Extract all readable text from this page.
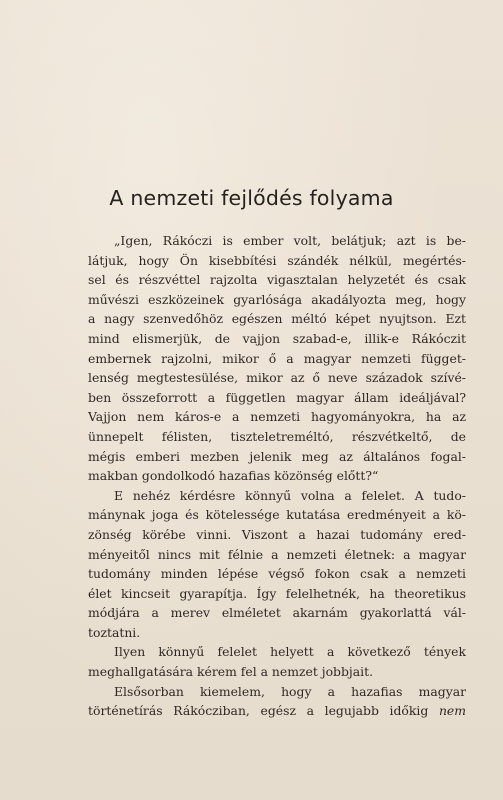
A nemzeti fejlődés folyama
„Igen, Rákóczi is ember volt, belátjuk; azt is be-
látjuk, hogy Ön kisebbítési szándék nélkül, megértés-
sel és részvéttel rajzolta vigasztalan helyzetét és csak
művészi eszközeinek gyarlósága akadályozta meg, hogy
a nagy szenvedőhöz egészen méltó képet nyujtson. Ezt
mind elismerjük, de vajjon szabad-e, illik-e Rákóczit
embernek rajzolni, mikor ő a magyar nemzeti függet-
lenség megtestesülése, mikor az ő neve századok szívé-
ben összeforrott a független magyar állam ideáljával?
Vajjon nem káros-e a nemzeti hagyományokra, ha az
ünnepelt félisten, tiszteletreméltó, részvétkeltő, de
mégis emberi mezben jelenik meg az általános fogal-
makban gondolkodó hazafias közönség előtt?“
E nehéz kérdésre könnyű volna a felelet. A tudo-
mánynak joga és kötelessége kutatása eredményeit a kö-
zönség körébe vinni. Viszont a hazai tudomány ered-
ményeitől nincs mit félnie a nemzeti életnek: a magyar
tudomány minden lépése végső fokon csak a nemzeti
élet kincseit gyarapítja. Így felelhetnék, ha theoretikus
módjára a merev elméletet akarnám gyakorlattá vál-
toztatni.
Ilyen könnyű felelet helyett a következő tények
meghallgatására kérem fel a nemzet jobbjait.
Elsősorban kiemelem, hogy a hazafias magyar
történetírás Rákócziban, egész a legujabb időkig nem
